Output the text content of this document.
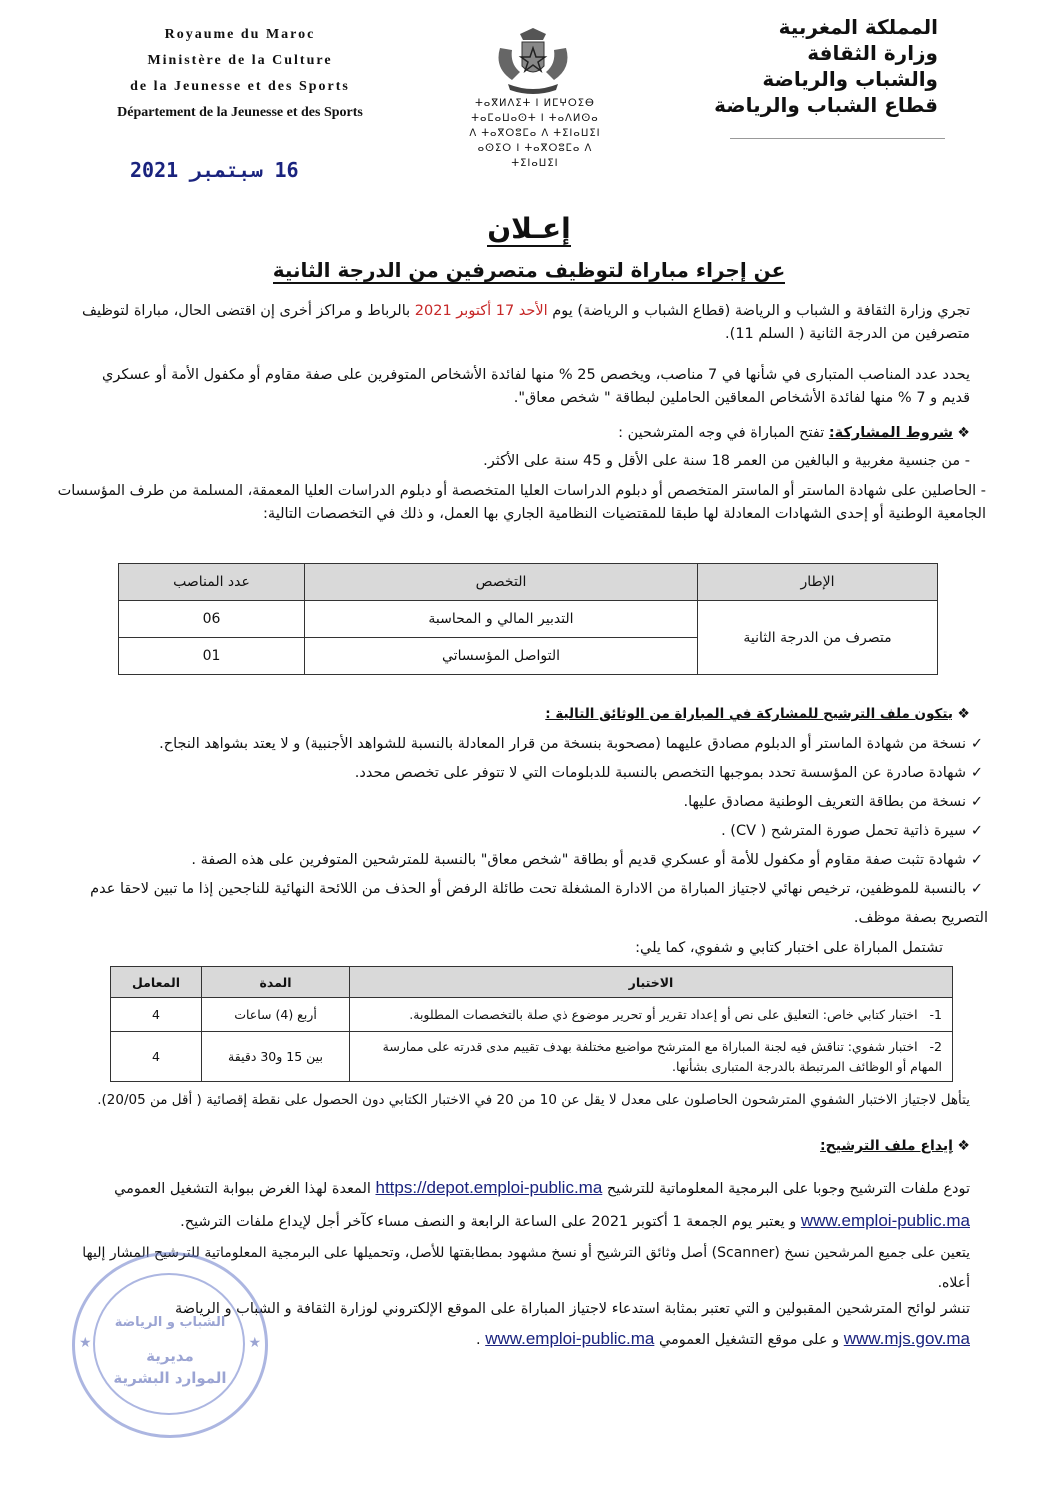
Royaume du Maroc
Ministère de la Culture
de la Jeunesse et des Sports
Département de la Jeunesse et des Sports
ⵜⴰⴳⵍⴷⵉⵜ ⵏ ⵍⵎⵖⵔⵉⴱ
ⵜⴰⵎⴰⵡⴰⵙⵜ ⵏ ⵜⴰⴷⵍⵙⴰ
ⴷ ⵜⴰⴳⵔⵓⵎⴰ ⴷ ⵜⵉⵏⴰⵡⵉⵏ
ⴰⵙⵉⵔ ⵏ ⵜⴰⴳⵔⵓⵎⴰ ⴷ ⵜⵉⵏⴰⵡⵉⵏ
المملكة المغربية
وزارة الثقافة
والشباب والرياضة
قطاع الشباب والرياضة
16 سبتمبر 2021
إعـلان
عن إجراء مباراة لتوظيف متصرفين من الدرجة الثانية
تجري وزارة الثقافة و الشباب و الرياضة (قطاع الشباب و الرياضة) يوم الأحد 17 أكتوبر 2021 بالرباط و مراكز أخرى إن اقتضى الحال، مباراة لتوظيف متصرفين من الدرجة الثانية ( السلم 11).
يحدد عدد المناصب المتبارى في شأنها في 7 مناصب، ويخصص 25 % منها لفائدة الأشخاص المتوفرين على صفة مقاوم أو مكفول الأمة أو عسكري قديم و 7 % منها لفائدة الأشخاص المعاقين الحاملين لبطاقة " شخص معاق".
❖ شروط المشاركة: تفتح المباراة في وجه المترشحين :
- من جنسية مغربية و البالغين من العمر 18 سنة على الأقل و 45 سنة على الأكثر.
- الحاصلين على شهادة الماستر أو الماستر المتخصص أو دبلوم الدراسات العليا المتخصصة أو دبلوم الدراسات العليا المعمقة، المسلمة من طرف المؤسسات الجامعية الوطنية أو إحدى الشهادات المعادلة لها طبقا للمقتضيات النظامية الجاري بها العمل، و ذلك في التخصصات التالية:
الإطار	التخصص	عدد المناصب
متصرف من الدرجة الثانية	التدبير المالي و المحاسبة	06
	التواصل المؤسساتي	01
❖ يتكون ملف الترشيح للمشاركة في المباراة من الوثائق التالية :
✓نسخة من شهادة الماستر أو الدبلوم مصادق عليهما (مصحوبة بنسخة من قرار المعادلة بالنسبة للشواهد الأجنبية) و لا يعتد بشواهد النجاح.
✓شهادة صادرة عن المؤسسة تحدد بموجبها التخصص بالنسبة للدبلومات التي لا تتوفر على تخصص محدد.
✓نسخة من بطاقة التعريف الوطنية مصادق عليها.
✓سيرة ذاتية تحمل صورة المترشح ( CV) .
✓شهادة تثبت صفة مقاوم أو مكفول للأمة أو عسكري قديم أو بطاقة "شخص معاق" بالنسبة للمترشحين المتوفرين على هذه الصفة .
✓بالنسبة للموظفين، ترخيص نهائي لاجتياز المباراة من الادارة المشغلة تحت طائلة الرفض أو الحذف من اللائحة النهائية للناجحين إذا ما تبين لاحقا عدم التصريح بصفة موظف.
تشتمل المباراة على اختبار كتابي و شفوي، كما يلي:
الاختبار	المدة	المعامل
1-   اختبار كتابي خاص: التعليق على نص أو إعداد تقرير أو تحرير موضوع ذي صلة بالتخصصات المطلوبة.	أربع (4) ساعات	4
2-   اختبار شفوي: تناقش فيه لجنة المباراة مع المترشح مواضيع مختلفة بهدف تقييم مدى قدرته على ممارسة المهام أو الوظائف المرتبطة بالدرجة المتبارى بشأنها.	بين 15 و30 دقيقة	4
يتأهل لاجتياز الاختبار الشفوي المترشحون الحاصلون على معدل لا يقل عن 10 من 20 في الاختبار الكتابي دون الحصول على نقطة إقصائية ( أقل من 20/05).
❖ إيداع ملف الترشيح:
تودع ملفات الترشيح وجوبا على البرمجية المعلوماتية للترشيح https://depot.emploi-public.ma المعدة لهذا الغرض ببوابة التشغيل العمومي www.emploi-public.ma و يعتبر يوم الجمعة 1 أكتوبر 2021 على الساعة الرابعة و النصف مساء كآخر أجل لإيداع ملفات الترشيح.
يتعين على جميع المرشحين نسخ (Scanner) أصل وثائق الترشيح أو نسخ مشهود بمطابقتها للأصل، وتحميلها على البرمجية المعلوماتية للترشيح المشار إليها أعلاه.
تنشر لوائح المترشحين المقبولين و التي تعتبر بمثابة استدعاء لاجتياز المباراة على الموقع الإلكتروني لوزارة الثقافة و الشباب و الرياضة www.mjs.gov.ma و على موقع التشغيل العمومي www.emploi-public.ma .
الشباب و الرياضة
مديرية
الموارد البشرية
★	★
